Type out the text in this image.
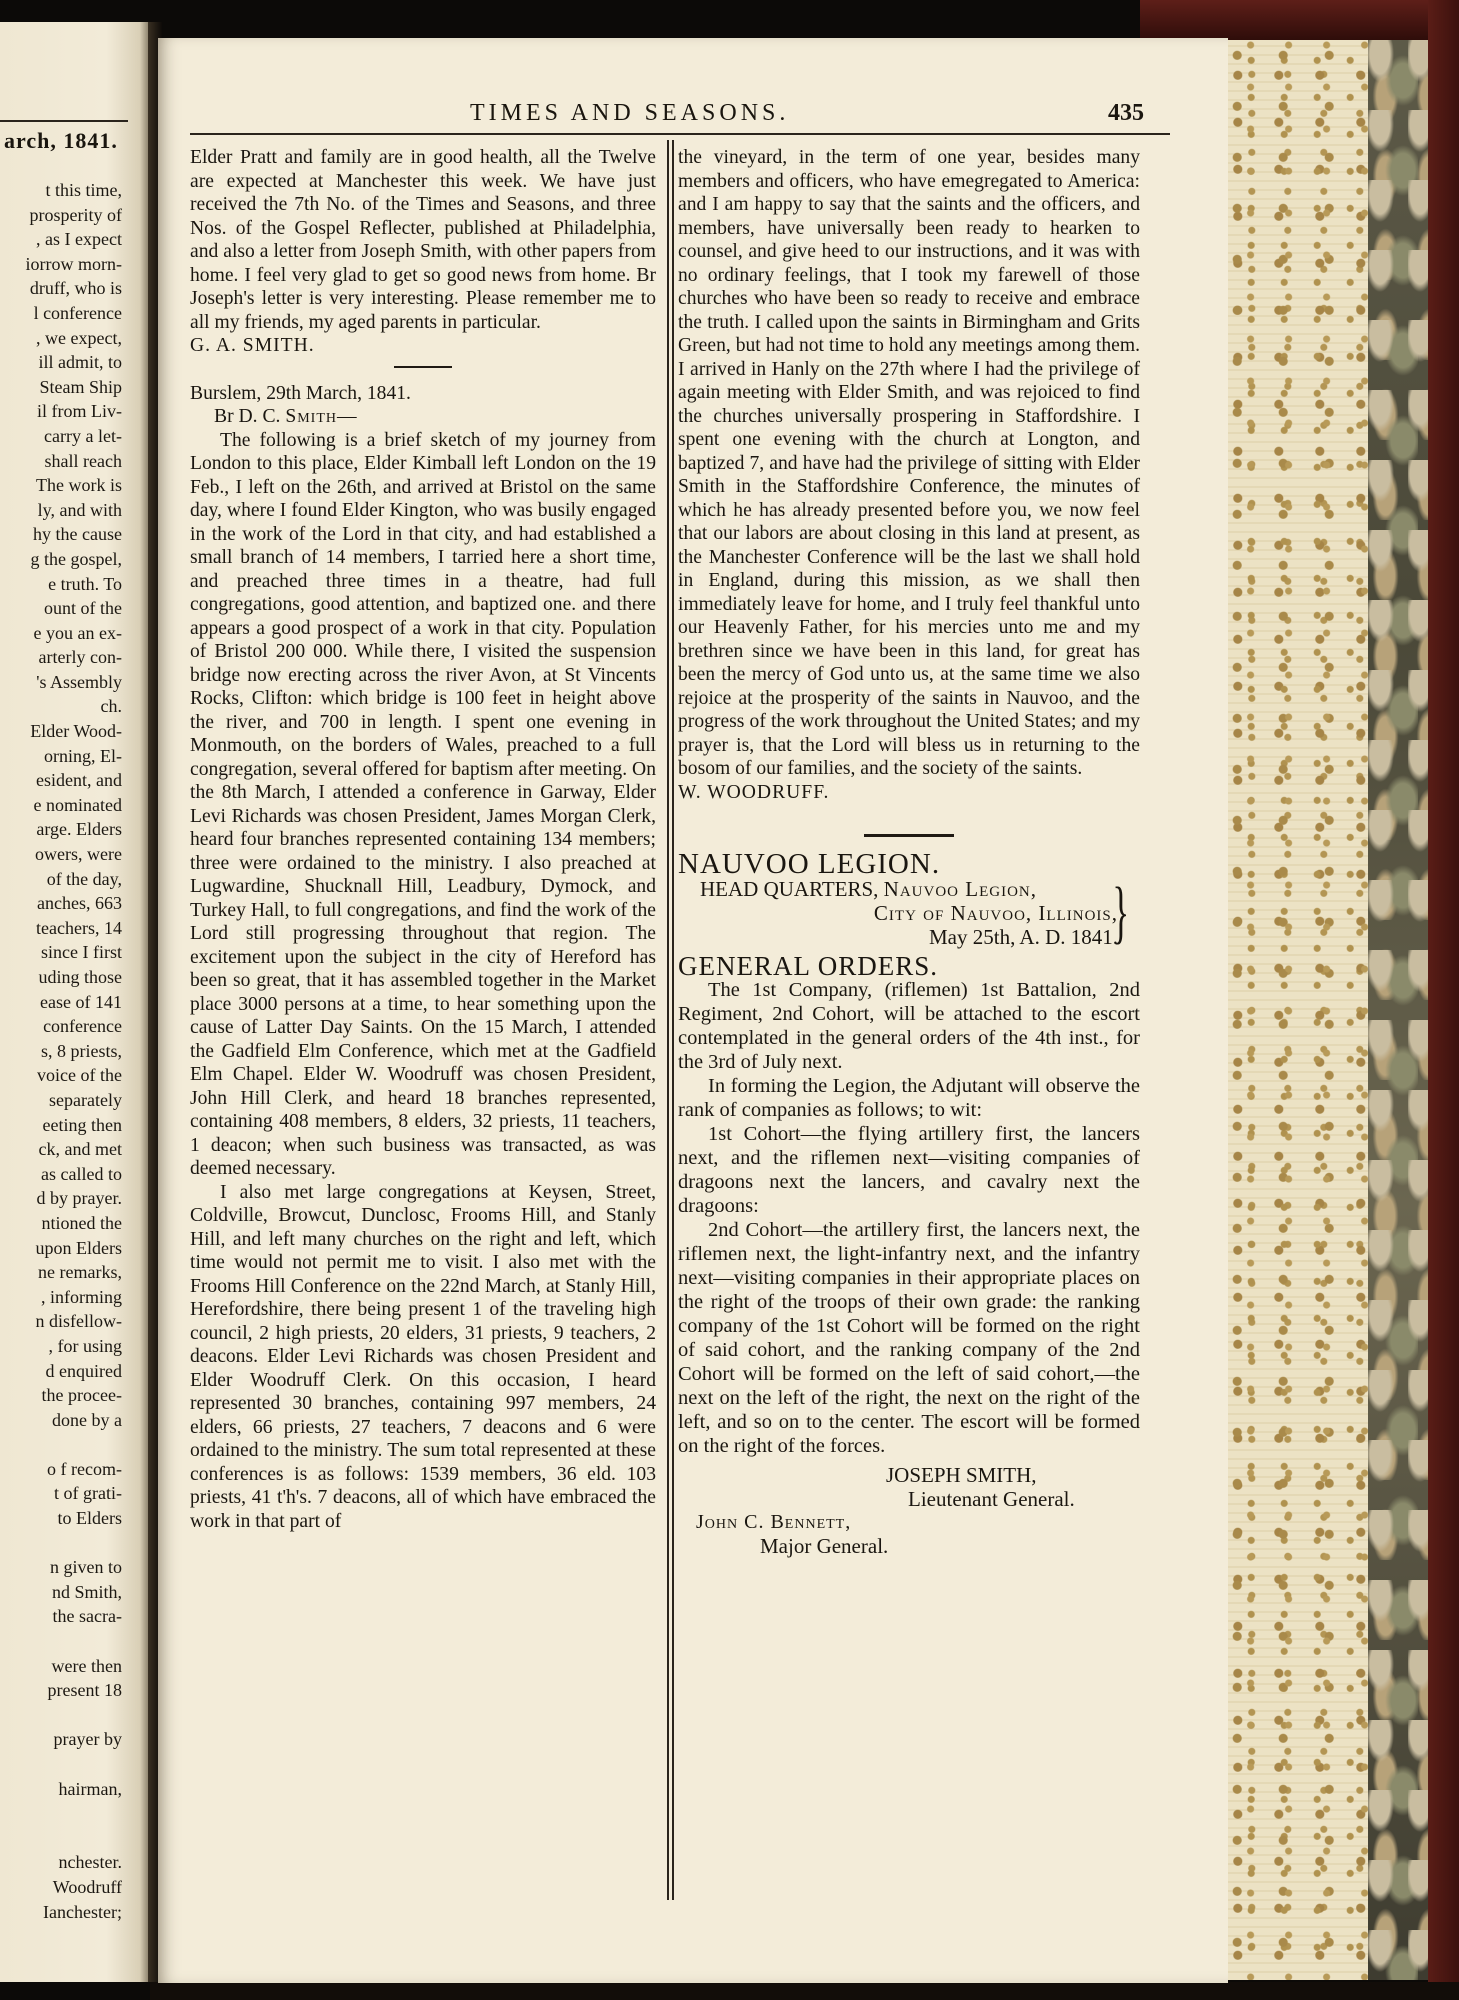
arch, 1841.
t this time,
prosperity of
, as I expect
iorrow morn-
druff, who is
l conference
, we expect,
ill admit, to
Steam Ship
il from Liv-
carry a let-
shall reach
The work is
ly, and with
hy the cause
g the gospel,
e truth. To
ount of the
e you an ex-
arterly con-
's Assembly
ch.
Elder Wood-
orning, El-
esident, and
e nominated
arge. Elders
owers, were
of the day,
anches, 663
teachers, 14
since I first
uding those
ease of 141
conference
s, 8 priests,
voice of the
separately
eeting then
ck, and met
as called to
d by prayer.
ntioned the
upon Elders
ne remarks,
, informing
n disfellow-
, for using
d enquired
the procee-
done by a
o f recom-
t of grati-
to Elders
n given to
nd Smith,
the sacra-
were then
present 18
prayer by
hairman,
nchester.
Woodruff
Ianchester;
TIMES AND SEASONS.	435

Elder Pratt and family are in good health, all the Twelve are expected at Manchester this week. We have just received the 7th No. of the Times and Seasons, and three Nos. of the Gospel Reflecter, published at Philadelphia, and also a letter from Joseph Smith, with other papers from home. I feel very glad to get so good news from home. Br Joseph's letter is very interesting. Please remember me to all my friends, my aged parents in particular.

G. A. SMITH.

Burslem, 29th March, 1841.

Br D. C. Smith—

The following is a brief sketch of my journey from London to this place, Elder Kimball left London on the 19 Feb., I left on the 26th, and arrived at Bristol on the same day, where I found Elder Kington, who was busily engaged in the work of the Lord in that city, and had established a small branch of 14 members, I tarried here a short time, and preached three times in a theatre, had full congregations, good attention, and baptized one. and there appears a good prospect of a work in that city. Population of Bristol 200 000. While there, I visited the suspension bridge now erecting across the river Avon, at St Vincents Rocks, Clifton: which bridge is 100 feet in height above the river, and 700 in length. I spent one evening in Monmouth, on the borders of Wales, preached to a full congregation, several offered for baptism after meeting. On the 8th March, I attended a conference in Garway, Elder Levi Richards was chosen President, James Morgan Clerk, heard four branches represented containing 134 members; three were ordained to the ministry. I also preached at Lugwardine, Shucknall Hill, Leadbury, Dymock, and Turkey Hall, to full congregations, and find the work of the Lord still progressing throughout that region. The excitement upon the subject in the city of Hereford has been so great, that it has assembled together in the Market place 3000 persons at a time, to hear something upon the cause of Latter Day Saints. On the 15 March, I attended the Gadfield Elm Conference, which met at the Gadfield Elm Chapel. Elder W. Woodruff was chosen President, John Hill Clerk, and heard 18 branches represented, containing 408 members, 8 elders, 32 priests, 11 teachers, 1 deacon; when such business was transacted, as was deemed necessary.

I also met large congregations at Keysen, Street, Coldville, Browcut, Dunclosc, Frooms Hill, and Stanly Hill, and left many churches on the right and left, which time would not permit me to visit. I also met with the Frooms Hill Conference on the 22nd March, at Stanly Hill, Herefordshire, there being present 1 of the traveling high council, 2 high priests, 20 elders, 31 priests, 9 teachers, 2 deacons. Elder Levi Richards was chosen President and Elder Woodruff Clerk. On this occasion, I heard represented 30 branches, containing 997 members, 24 elders, 66 priests, 27 teachers, 7 deacons and 6 were ordained to the ministry. The sum total represented at these conferences is as follows: 1539 members, 36 eld. 103 priests, 41 t'h's. 7 deacons, all of which have embraced the work in that part of

the vineyard, in the term of one year, besides many members and officers, who have emegregated to America: and I am happy to say that the saints and the officers, and members, have universally been ready to hearken to counsel, and give heed to our instructions, and it was with no ordinary feelings, that I took my farewell of those churches who have been so ready to receive and embrace the truth. I called upon the saints in Birmingham and Grits Green, but had not time to hold any meetings among them. I arrived in Hanly on the 27th where I had the privilege of again meeting with Elder Smith, and was rejoiced to find the churches universally prospering in Staffordshire. I spent one evening with the church at Longton, and baptized 7, and have had the privilege of sitting with Elder Smith in the Staffordshire Conference, the minutes of which he has already presented before you, we now feel that our labors are about closing in this land at present, as the Manchester Conference will be the last we shall hold in England, during this mission, as we shall then immediately leave for home, and I truly feel thankful unto our Heavenly Father, for his mercies unto me and my brethren since we have been in this land, for great has been the mercy of God unto us, at the same time we also rejoice at the prosperity of the saints in Nauvoo, and the progress of the work throughout the United States; and my prayer is, that the Lord will bless us in returning to the bosom of our families, and the society of the saints.

W. WOODRUFF.

NAUVOO LEGION.

HEAD QUARTERS, Nauvoo Legion,

City of Nauvoo, Illinois,

May 25th, A. D. 1841.

}

GENERAL ORDERS.

The 1st Company, (riflemen) 1st Battalion, 2nd Regiment, 2nd Cohort, will be attached to the escort contemplated in the general orders of the 4th inst., for the 3rd of July next.

In forming the Legion, the Adjutant will observe the rank of companies as follows; to wit:

1st Cohort—the flying artillery first, the lancers next, and the riflemen next—visiting companies of dragoons next the lancers, and cavalry next the dragoons:

2nd Cohort—the artillery first, the lancers next, the riflemen next, the light-infantry next, and the infantry next—visiting companies in their appropriate places on the right of the troops of their own grade: the ranking company of the 1st Cohort will be formed on the right of said cohort, and the ranking company of the 2nd Cohort will be formed on the left of said cohort,—the next on the left of the right, the next on the right of the left, and so on to the center. The escort will be formed on the right of the forces.

JOSEPH SMITH,

Lieutenant General.

John C. Bennett,

Major General.
